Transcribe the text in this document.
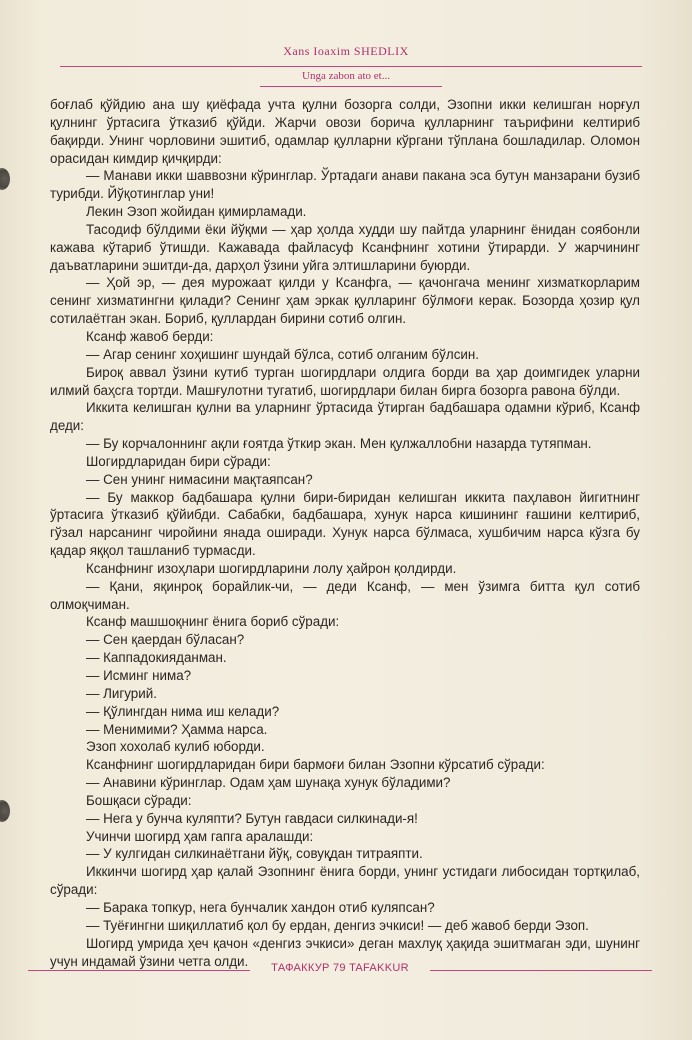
Xans Ioaxim SHEDLIX
Unga zabon ato et...

боғлаб қўйдию ана шу қиёфада учта қулни бозорга солди, Эзопни икки келишган норғул қулнинг ўртасига ўтказиб қўйди. Жарчи овози борича қулларнинг таърифини келтириб бақирди. Унинг чорловини эшитиб, одамлар қулларни кўргани тўплана бошладилар. Оломон орасидан кимдир қичқирди:

— Манави икки шаввозни кўринглар. Ўртадаги анави пакана эса бутун манзарани бузиб турибди. Йўқотинглар уни!

Лекин Эзоп жойидан қимирламади.

Тасодиф бўлдими ёки йўқми — ҳар ҳолда худди шу пайтда уларнинг ёнидан соябонли кажава кўтариб ўтишди. Кажавада файласуф Ксанфнинг хотини ўтирарди. У жарчининг даъватларини эшитди-да, дарҳол ўзини уйга элтишларини буюрди.

— Ҳой эр, — дея мурожаат қилди у Ксанфга, — қачонгача менинг хизматкорларим сенинг хизматингни қилади? Сенинг ҳам эркак қулларинг бўлмоғи керак. Бозорда ҳозир қул сотилаётган экан. Бориб, қуллардан бирини сотиб олгин.

Ксанф жавоб берди:

— Агар сенинг хоҳишинг шундай бўлса, сотиб олганим бўлсин.

Бироқ аввал ўзини кутиб турган шогирдлари олдига борди ва ҳар доимгидек уларни илмий баҳсга тортди. Машғулотни тугатиб, шогирдлари билан бирга бозорга равона бўлди.

Иккита келишган қулни ва уларнинг ўртасида ўтирган бадбашара одамни кўриб, Ксанф деди:

— Бу корчалоннинг ақли ғоятда ўткир экан. Мен қулжаллобни назарда тутяпман.

Шогирдларидан бири сўради:

— Сен унинг нимасини мақтаяпсан?

— Бу маккор бадбашара қулни бири-биридан келишган иккита паҳлавон йигитнинг ўртасига ўтказиб қўйибди. Сабабки, бадбашара, хунук нарса кишининг ғашини келтириб, гўзал нарсанинг чиройини янада оширади. Хунук нарса бўлмаса, хушбичим нарса кўзга бу қадар яққол ташланиб турмасди.

Ксанфнинг изоҳлари шогирдларини лолу ҳайрон қолдирди.

— Қани, яқинроқ борайлик-чи, — деди Ксанф, — мен ўзимга битта қул сотиб олмоқчиман.

Ксанф машшоқнинг ёнига бориб сўради:

— Сен қаердан бўласан?

— Каппадокияданман.

— Исминг нима?

— Лигурий.

— Қўлингдан нима иш келади?

— Менимими? Ҳамма нарса.

Эзоп хохолаб кулиб юборди.

Ксанфнинг шогирдларидан бири бармоғи билан Эзопни кўрсатиб сўради:

— Анавини кўринглар. Одам ҳам шунақа хунук бўладими?

Бошқаси сўради:

— Нега у бунча куляпти? Бутун гавдаси силкинади-я!

Учинчи шогирд ҳам гапга аралашди:

— У кулгидан силкинаётгани йўқ, совуқдан титраяпти.

Иккинчи шогирд ҳар қалай Эзопнинг ёнига борди, унинг устидаги либосидан тортқилаб, сўради:

— Барака топкур, нега бунчалик хандон отиб куляпсан?

— Туёғингни шиқиллатиб қол бу ердан, денгиз эчкиси! — деб жавоб берди Эзоп.

Шогирд умрида ҳеч қачон «денгиз эчкиси» деган махлуқ ҳақида эшитмаган эди, шунинг учун индамай ўзини четга олди.	ТАФАККУР 79 TAFAKKUR
